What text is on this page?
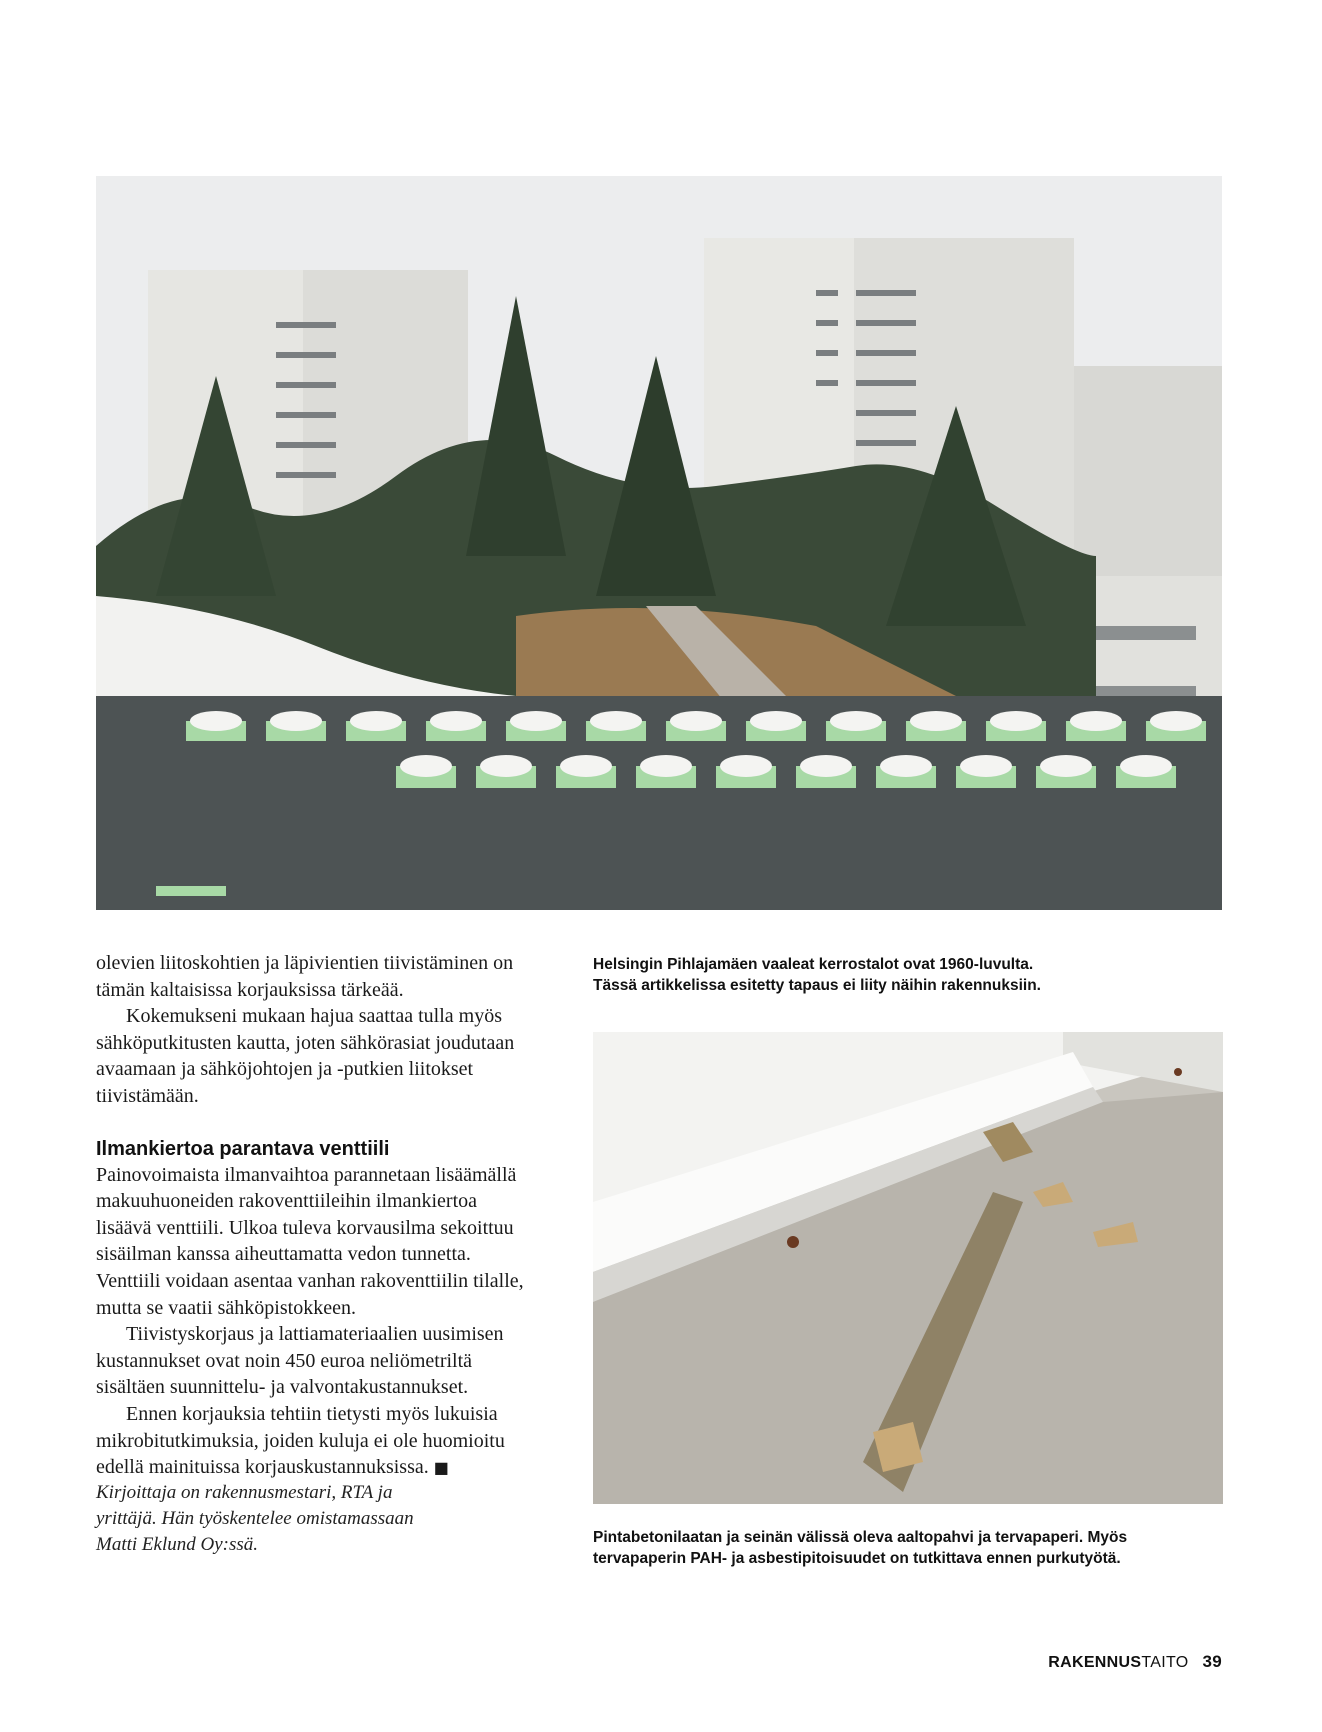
Helsingin Pihlajamäen vaaleat kerrostalot ovat 1960-luvulta.
Tässä artikkelissa esitetty tapaus ei liity näihin rakennuksiin.
Pintabetonilaatan ja seinän välissä oleva aaltopahvi ja tervapaperi. Myös
tervapaperin PAH- ja asbestipitoisuudet on tutkittava ennen purkutyötä.

olevien liitoskohtien ja läpivientien tiivistäminen on tämän kaltaisissa korjauksissa tärkeää.

Kokemukseni mukaan hajua saattaa tulla myös sähköputkitusten kautta, joten sähkörasiat joudutaan avaamaan ja sähköjohtojen ja -putkien liitokset tiivistämään.

Ilmankiertoa parantava venttiili

Painovoimaista ilmanvaihtoa parannetaan lisäämällä makuuhuoneiden rakoventtiileihin ilmankiertoa lisäävä venttiili. Ulkoa tuleva korvausilma sekoittuu sisäilman kanssa aiheuttamatta vedon tunnetta. Venttiili voidaan asentaa vanhan rakoventtiilin tilalle, mutta se vaatii sähköpistokkeen.

Tiivistyskorjaus ja lattiamateriaalien uusimisen kustannukset ovat noin 450 euroa neliömetriltä sisältäen suunnittelu- ja valvontakustannukset.

Ennen korjauksia tehtiin tietysti myös lukuisia mikrobitutkimuksia, joiden kuluja ei ole huomioitu edellä mainituissa korjauskustannuksissa. ■

Kirjoittaja on rakennusmestari, RTA ja
yrittäjä. Hän työskentelee omistamassaan
Matti Eklund Oy:ssä.
RAKENNUSTAITO 39
